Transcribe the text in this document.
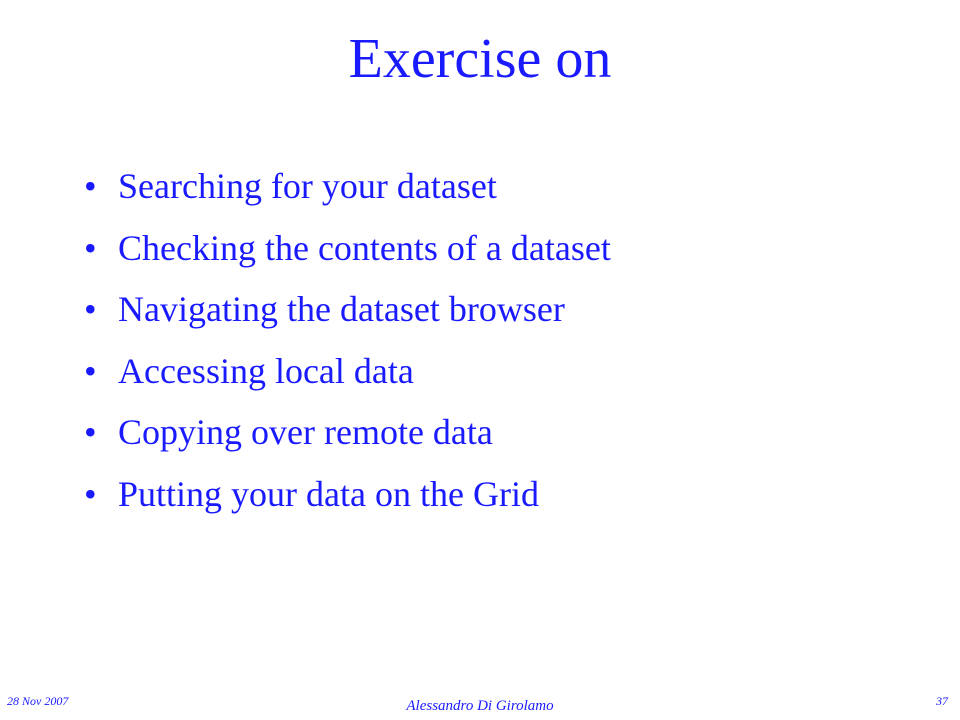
Exercise on
• Searching for your dataset
• Checking the contents of a dataset
• Navigating the dataset browser
• Accessing local data
• Copying over remote data
• Putting your data on the Grid
28 Nov 2007	Alessandro Di Girolamo	37
